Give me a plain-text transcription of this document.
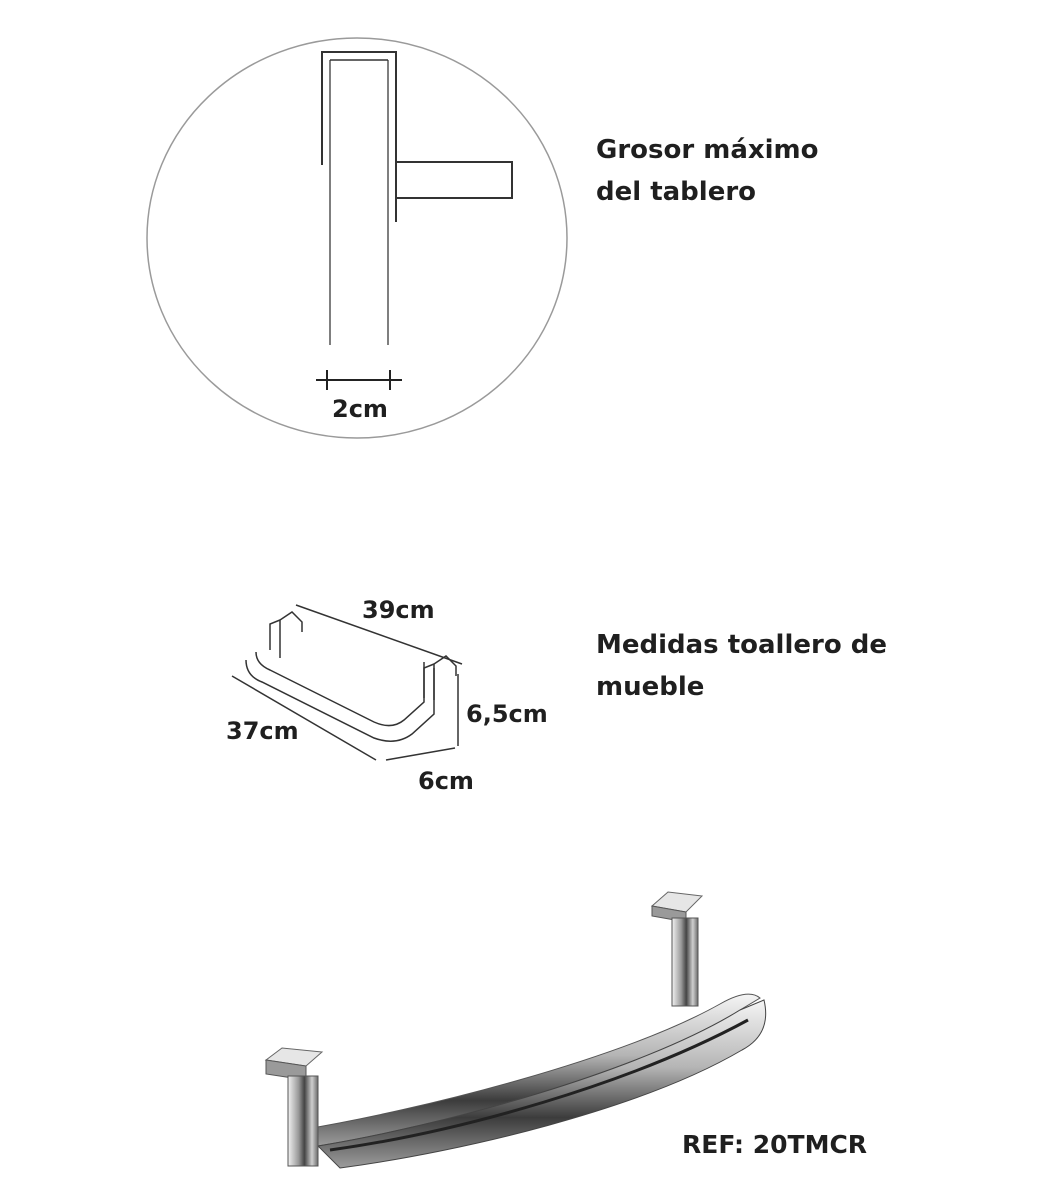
Grosor máximo
del tablero
2cm
Medidas toallero de
mueble
39cm
37cm
6,5cm
6cm
REF: 20TMCR
